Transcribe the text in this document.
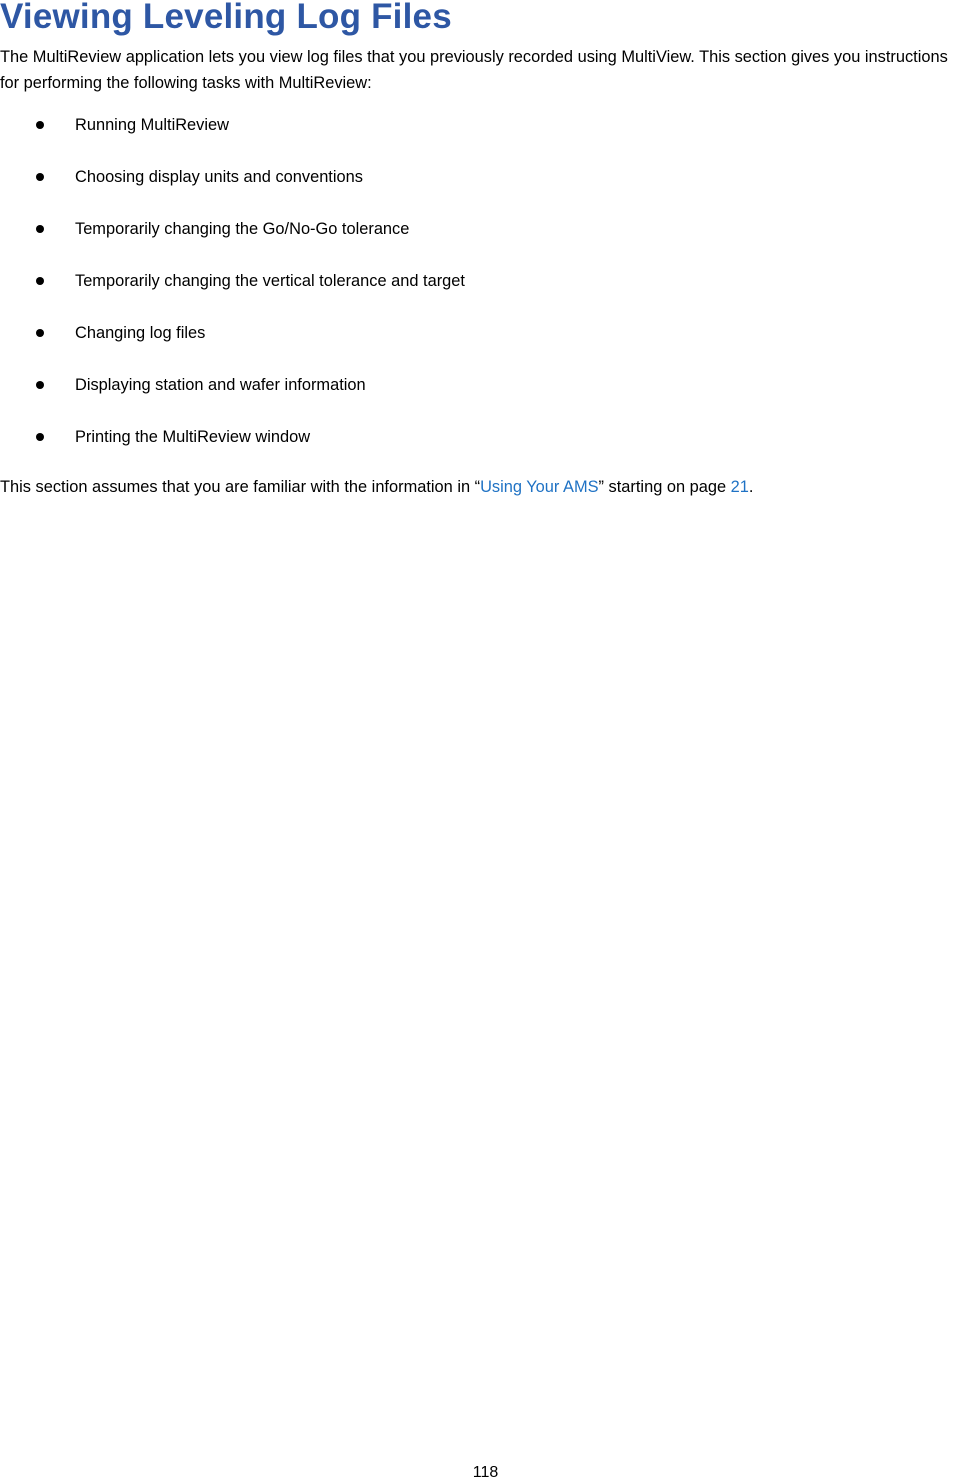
Viewing Leveling Log Files

The MultiReview application lets you view log files that you previously recorded using MultiView. This section gives you instructions for performing the following tasks with MultiReview:

Running MultiReview
Choosing display units and conventions
Temporarily changing the Go/No-Go tolerance
Temporarily changing the vertical tolerance and target
Changing log files
Displaying station and wafer information
Printing the MultiReview window

This section assumes that you are familiar with the information in “Using Your AMS” starting on page 21.

118
